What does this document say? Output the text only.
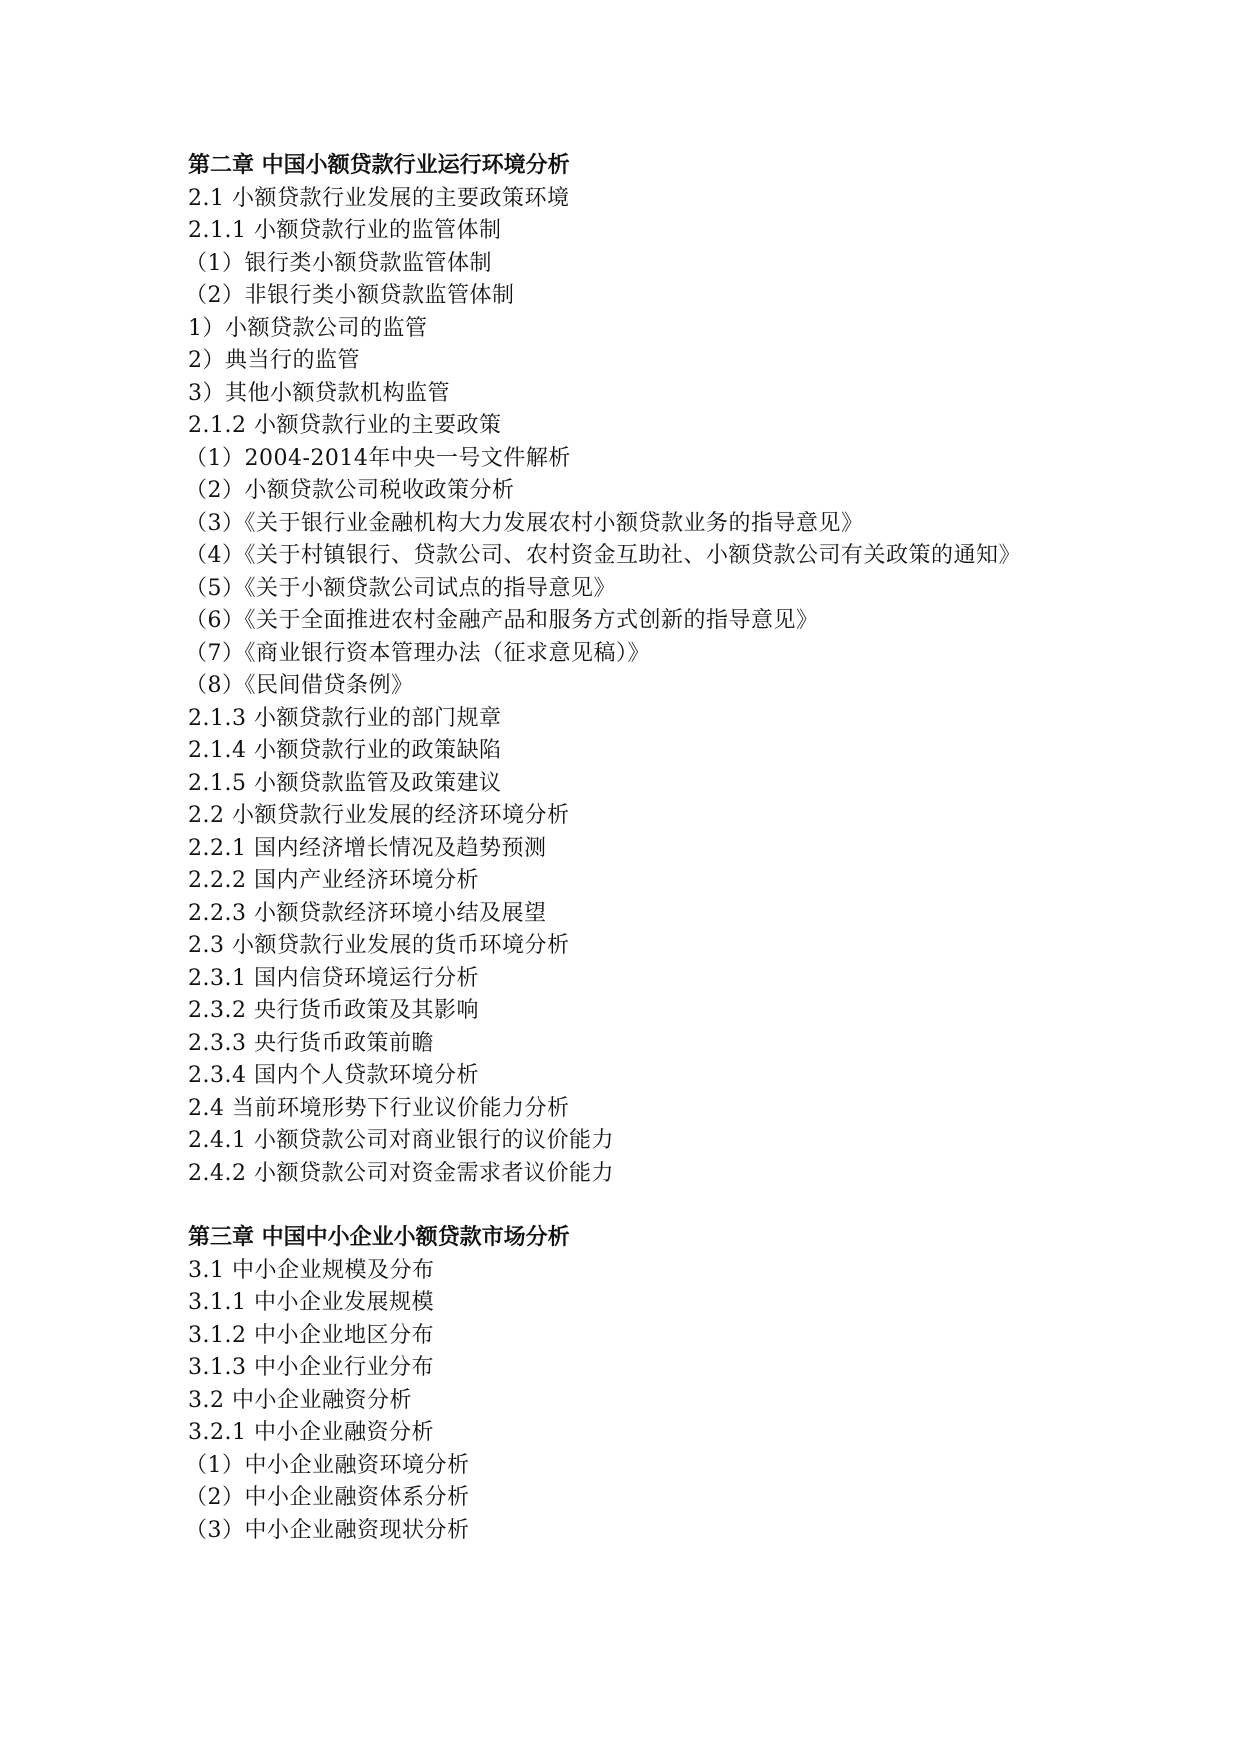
第二章 中国小额贷款行业运行环境分析
2.1 小额贷款行业发展的主要政策环境
2.1.1 小额贷款行业的监管体制
（1）银行类小额贷款监管体制
（2）非银行类小额贷款监管体制
1）小额贷款公司的监管
2）典当行的监管
3）其他小额贷款机构监管
2.1.2 小额贷款行业的主要政策
（1）2004-2014年中央一号文件解析
（2）小额贷款公司税收政策分析
（3）《关于银行业金融机构大力发展农村小额贷款业务的指导意见》
（4）《关于村镇银行、贷款公司、农村资金互助社、小额贷款公司有关政策的通知》
（5）《关于小额贷款公司试点的指导意见》
（6）《关于全面推进农村金融产品和服务方式创新的指导意见》
（7）《商业银行资本管理办法（征求意见稿）》
（8）《民间借贷条例》
2.1.3 小额贷款行业的部门规章
2.1.4 小额贷款行业的政策缺陷
2.1.5 小额贷款监管及政策建议
2.2 小额贷款行业发展的经济环境分析
2.2.1 国内经济增长情况及趋势预测
2.2.2 国内产业经济环境分析
2.2.3 小额贷款经济环境小结及展望
2.3 小额贷款行业发展的货币环境分析
2.3.1 国内信贷环境运行分析
2.3.2 央行货币政策及其影响
2.3.3 央行货币政策前瞻
2.3.4 国内个人贷款环境分析
2.4 当前环境形势下行业议价能力分析
2.4.1 小额贷款公司对商业银行的议价能力
2.4.2 小额贷款公司对资金需求者议价能力
第三章 中国中小企业小额贷款市场分析
3.1 中小企业规模及分布
3.1.1 中小企业发展规模
3.1.2 中小企业地区分布
3.1.3 中小企业行业分布
3.2 中小企业融资分析
3.2.1 中小企业融资分析
（1）中小企业融资环境分析
（2）中小企业融资体系分析
（3）中小企业融资现状分析
